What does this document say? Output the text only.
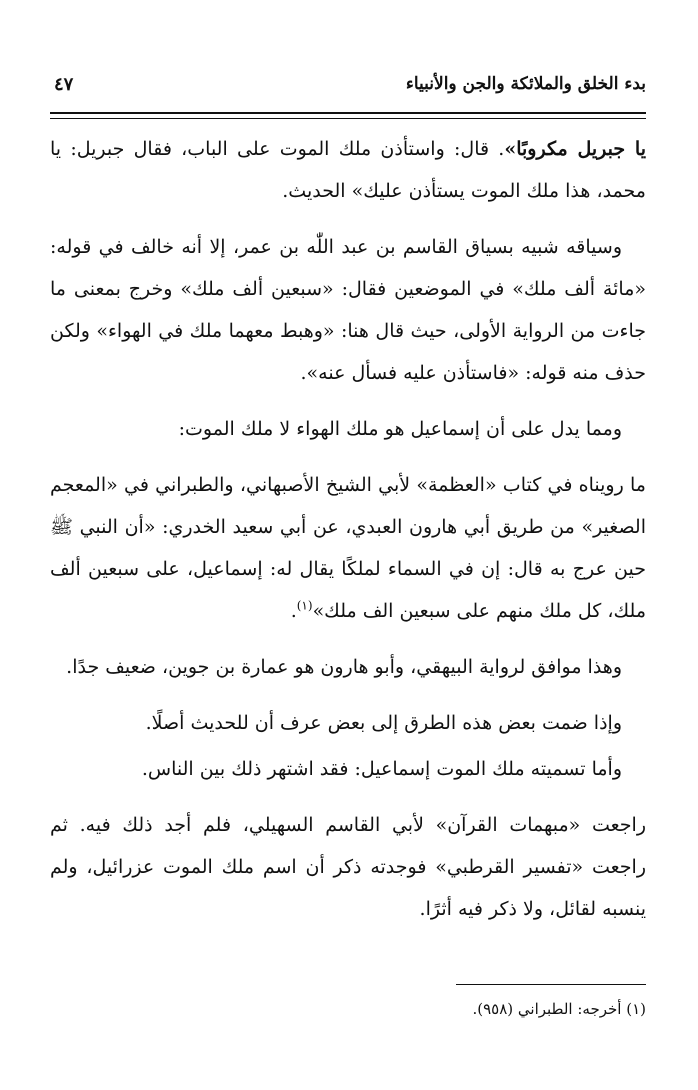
بدء الخلق والملائكة والجن والأنبياء
٤٧

يا جبريل مكروبًا». قال: واستأذن ملك الموت على الباب، فقال جبريل: يا محمد، هذا ملك الموت يستأذن عليك» الحديث.

وسياقه شبيه بسياق القاسم بن عبد اللّٰه بن عمر، إلا أنه خالف في قوله: «مائة ألف ملك» في الموضعين فقال: «سبعين ألف ملك» وخرج بمعنى ما جاءت من الرواية الأولى، حيث قال هنا: «وهبط معهما ملك في الهواء» ولكن حذف منه قوله: «فاستأذن عليه فسأل عنه».

ومما يدل على أن إسماعيل هو ملك الهواء لا ملك الموت:

ما رويناه في كتاب «العظمة» لأبي الشيخ الأصبهاني، والطبراني في «المعجم الصغير» من طريق أبي هارون العبدي، عن أبي سعيد الخدري: «أن النبي ﷺ حين عرج به قال: إن في السماء لملكًا يقال له: إسماعيل، على سبعين ألف ملك، كل ملك منهم على سبعين الف ملك»$^{(١)}$.

وهذا موافق لرواية البيهقي، وأبو هارون هو عمارة بن جوين، ضعيف جدًا.

وإذا ضمت بعض هذه الطرق إلى بعض عرف أن للحديث أصلًا.

وأما تسميته ملك الموت إسماعيل: فقد اشتهر ذلك بين الناس.

راجعت «مبهمات القرآن» لأبي القاسم السهيلي، فلم أجد ذلك فيه. ثم راجعت «تفسير القرطبي» فوجدته ذكر أن اسم ملك الموت عزرائيل، ولم ينسبه لقائل، ولا ذكر فيه أثرًا.

(١) أخرجه: الطبراني (٩٥٨).
